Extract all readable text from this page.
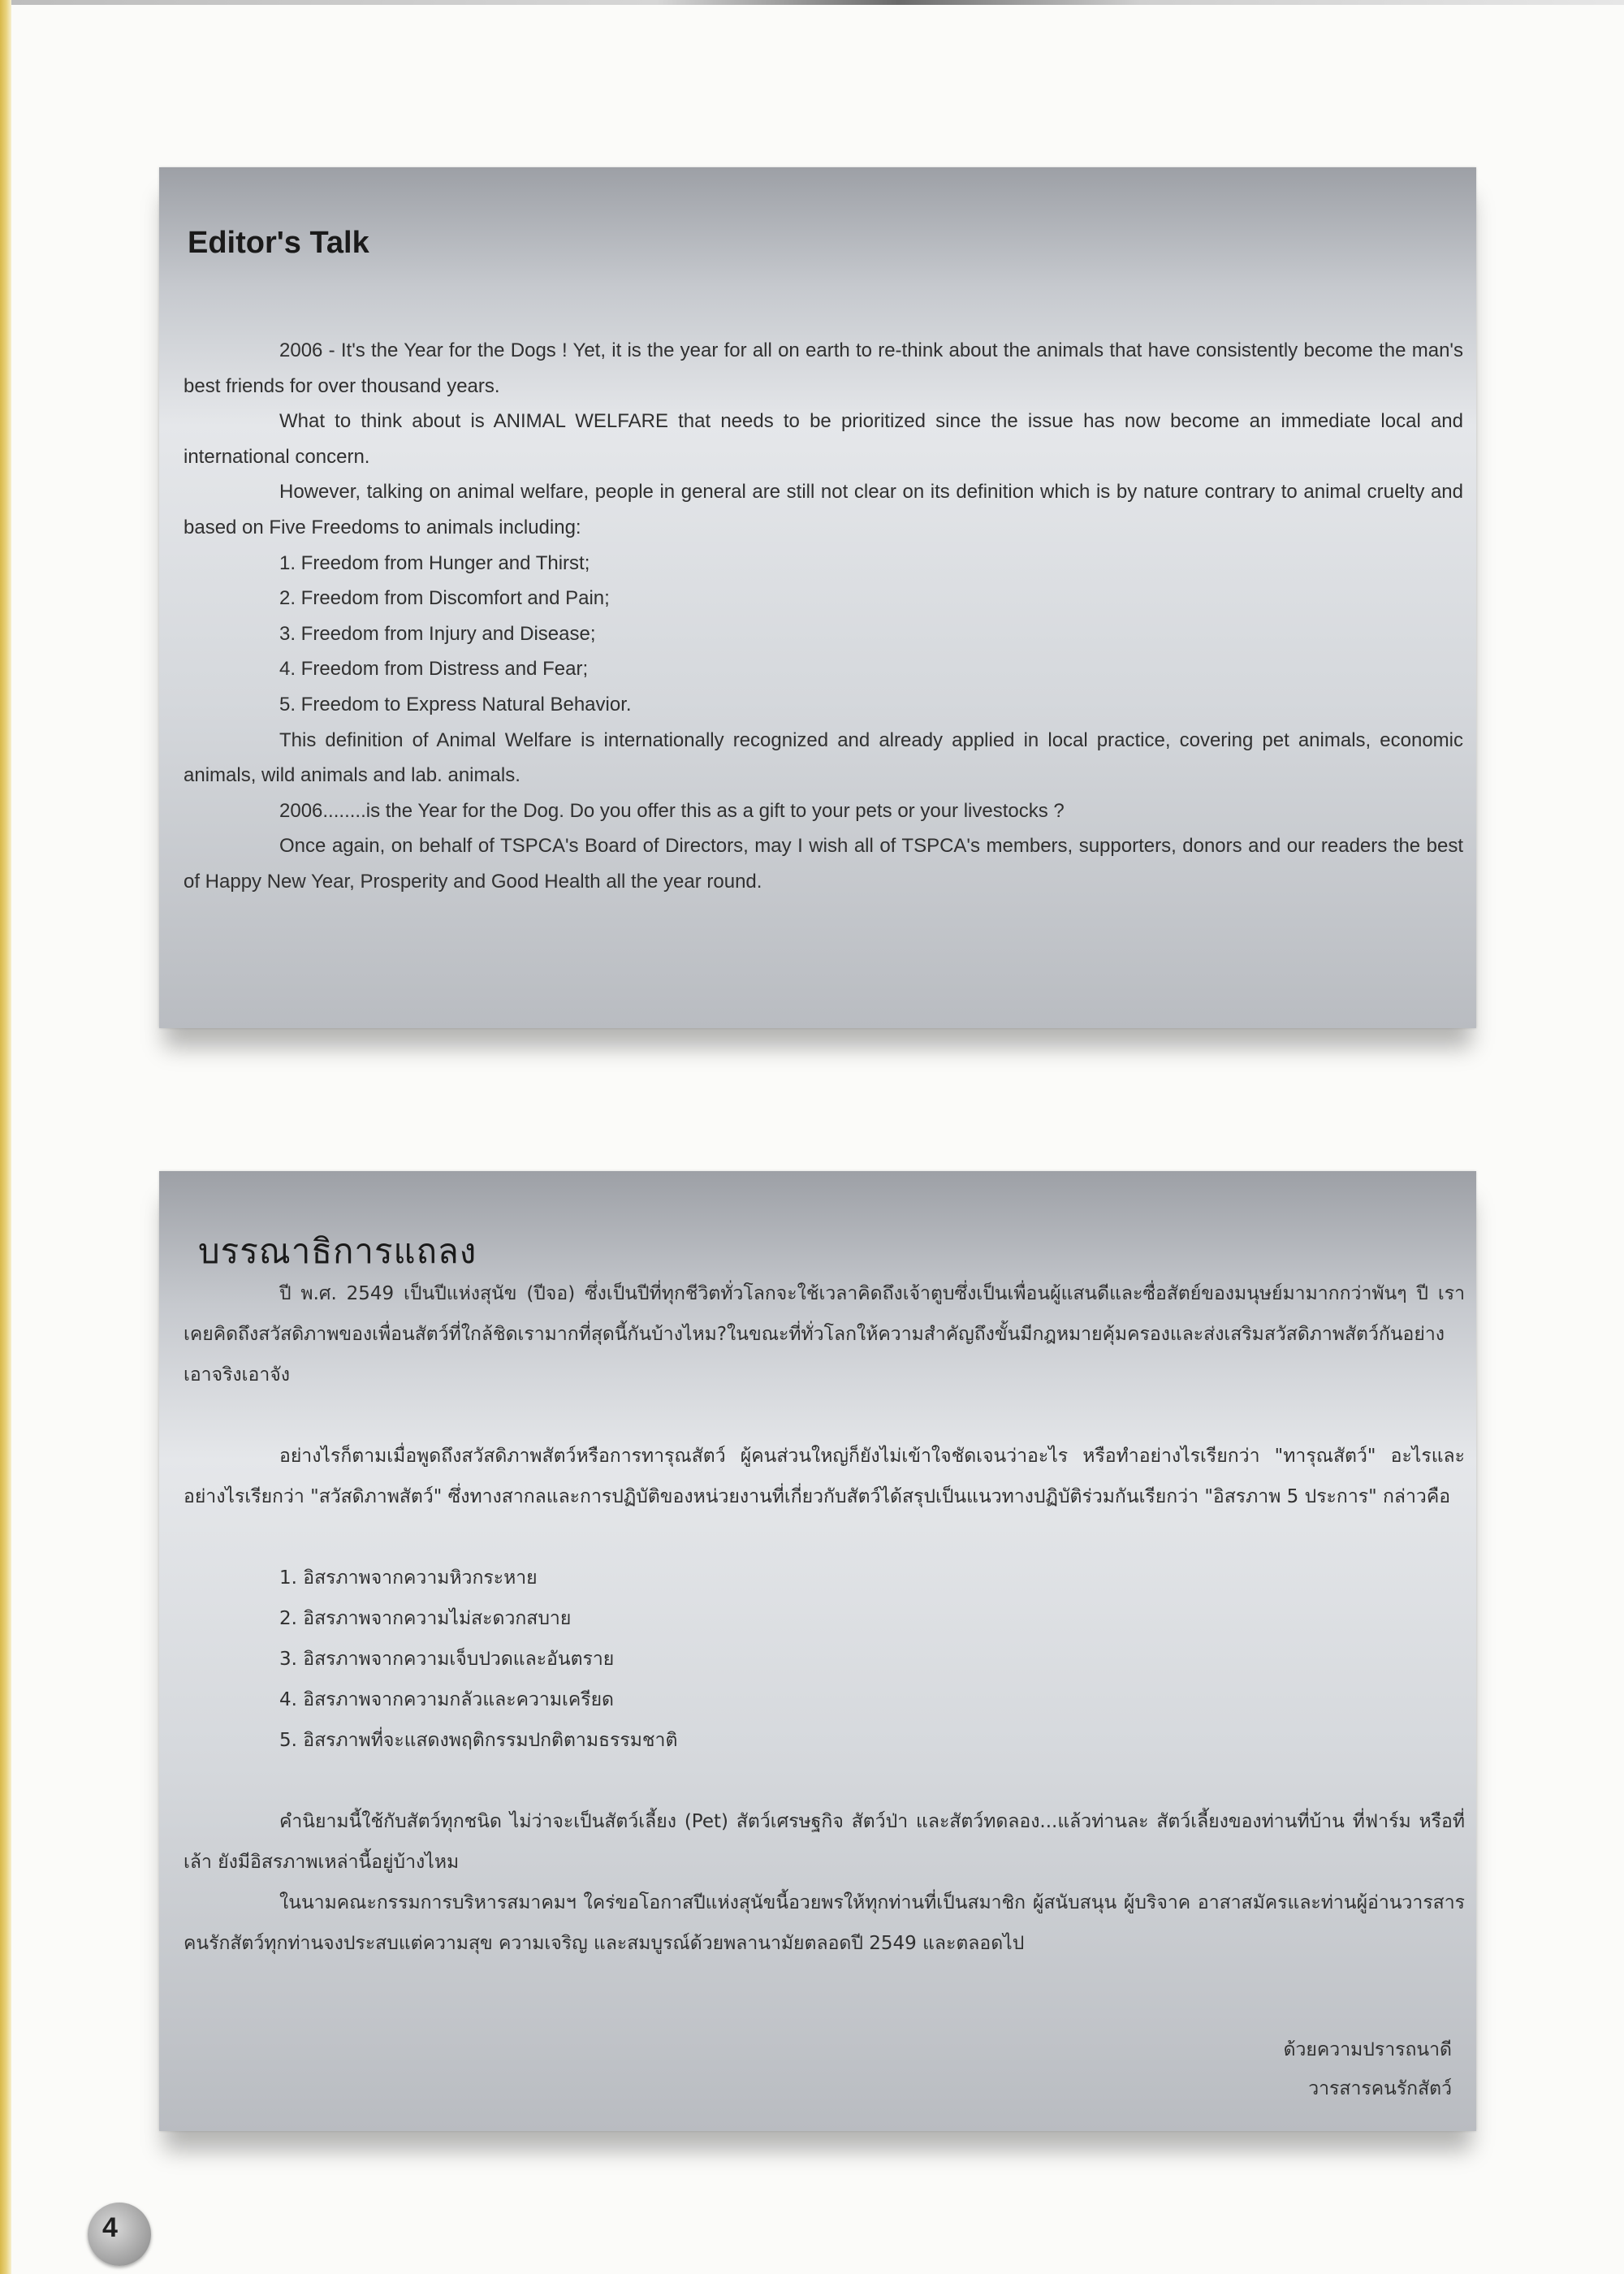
Editor's Talk

2006 - It's the Year for the Dogs ! Yet, it is the year for all on earth to re-think about the animals that have consistently become the man's best friends for over thousand years.

What to think about is ANIMAL WELFARE that needs to be prioritized since the issue has now become an immediate local and international concern.

However, talking on animal welfare, people in general are still not clear on its definition which is by nature contrary to animal cruelty and based on Five Freedoms to animals including:

1. Freedom from Hunger and Thirst;
2. Freedom from Discomfort and Pain;
3. Freedom from Injury and Disease;
4. Freedom from Distress and Fear;
5. Freedom to Express Natural Behavior.

This definition of Animal Welfare is internationally recognized and already applied in local practice, covering pet animals, economic animals, wild animals and lab. animals.

2006........is the Year for the Dog. Do you offer this as a gift to your pets or your livestocks ?

Once again, on behalf of TSPCA's Board of Directors, may I wish all of TSPCA's members, supporters, donors and our readers the best of Happy New Year, Prosperity and Good Health all the year round.

บรรณาธิการแถลง

ปี พ.ศ. 2549 เป็นปีแห่งสุนัข (ปีจอ) ซึ่งเป็นปีที่ทุกชีวิตทั่วโลกจะใช้เวลาคิดถึงเจ้าตูบซึ่งเป็นเพื่อนผู้แสนดีและซื่อสัตย์ของมนุษย์มามากกว่าพันๆ ปี เราเคยคิดถึงสวัสดิภาพของเพื่อนสัตว์ที่ใกล้ชิดเรามากที่สุดนี้กันบ้างไหม?ในขณะที่ทั่วโลกให้ความสำคัญถึงขั้นมีกฎหมายคุ้มครองและส่งเสริมสวัสดิภาพสัตว์กันอย่างเอาจริงเอาจัง

อย่างไรก็ตามเมื่อพูดถึงสวัสดิภาพสัตว์หรือการทารุณสัตว์ ผู้คนส่วนใหญ่ก็ยังไม่เข้าใจชัดเจนว่าอะไร หรือทำอย่างไรเรียกว่า "ทารุณสัตว์" อะไรและอย่างไรเรียกว่า "สวัสดิภาพสัตว์" ซึ่งทางสากลและการปฏิบัติของหน่วยงานที่เกี่ยวกับสัตว์ได้สรุปเป็นแนวทางปฏิบัติร่วมกันเรียกว่า "อิสรภาพ 5 ประการ" กล่าวคือ

1. อิสรภาพจากความหิวกระหาย
2. อิสรภาพจากความไม่สะดวกสบาย
3. อิสรภาพจากความเจ็บปวดและอันตราย
4. อิสรภาพจากความกลัวและความเครียด
5. อิสรภาพที่จะแสดงพฤติกรรมปกติตามธรรมชาติ

คำนิยามนี้ใช้กับสัตว์ทุกชนิด ไม่ว่าจะเป็นสัตว์เลี้ยง (Pet) สัตว์เศรษฐกิจ สัตว์ป่า และสัตว์ทดลอง...แล้วท่านละ สัตว์เลี้ยงของท่านที่บ้าน ที่ฟาร์ม หรือที่เล้า ยังมีอิสรภาพเหล่านี้อยู่บ้างไหม

ในนามคณะกรรมการบริหารสมาคมฯ ใคร่ขอโอกาสปีแห่งสุนัขนี้อวยพรให้ทุกท่านที่เป็นสมาชิก ผู้สนับสนุน ผู้บริจาค อาสาสมัครและท่านผู้อ่านวารสารคนรักสัตว์ทุกท่านจงประสบแต่ความสุข ความเจริญ และสมบูรณ์ด้วยพลานามัยตลอดปี 2549 และตลอดไป

ด้วยความปรารถนาดี
วารสารคนรักสัตว์
4
